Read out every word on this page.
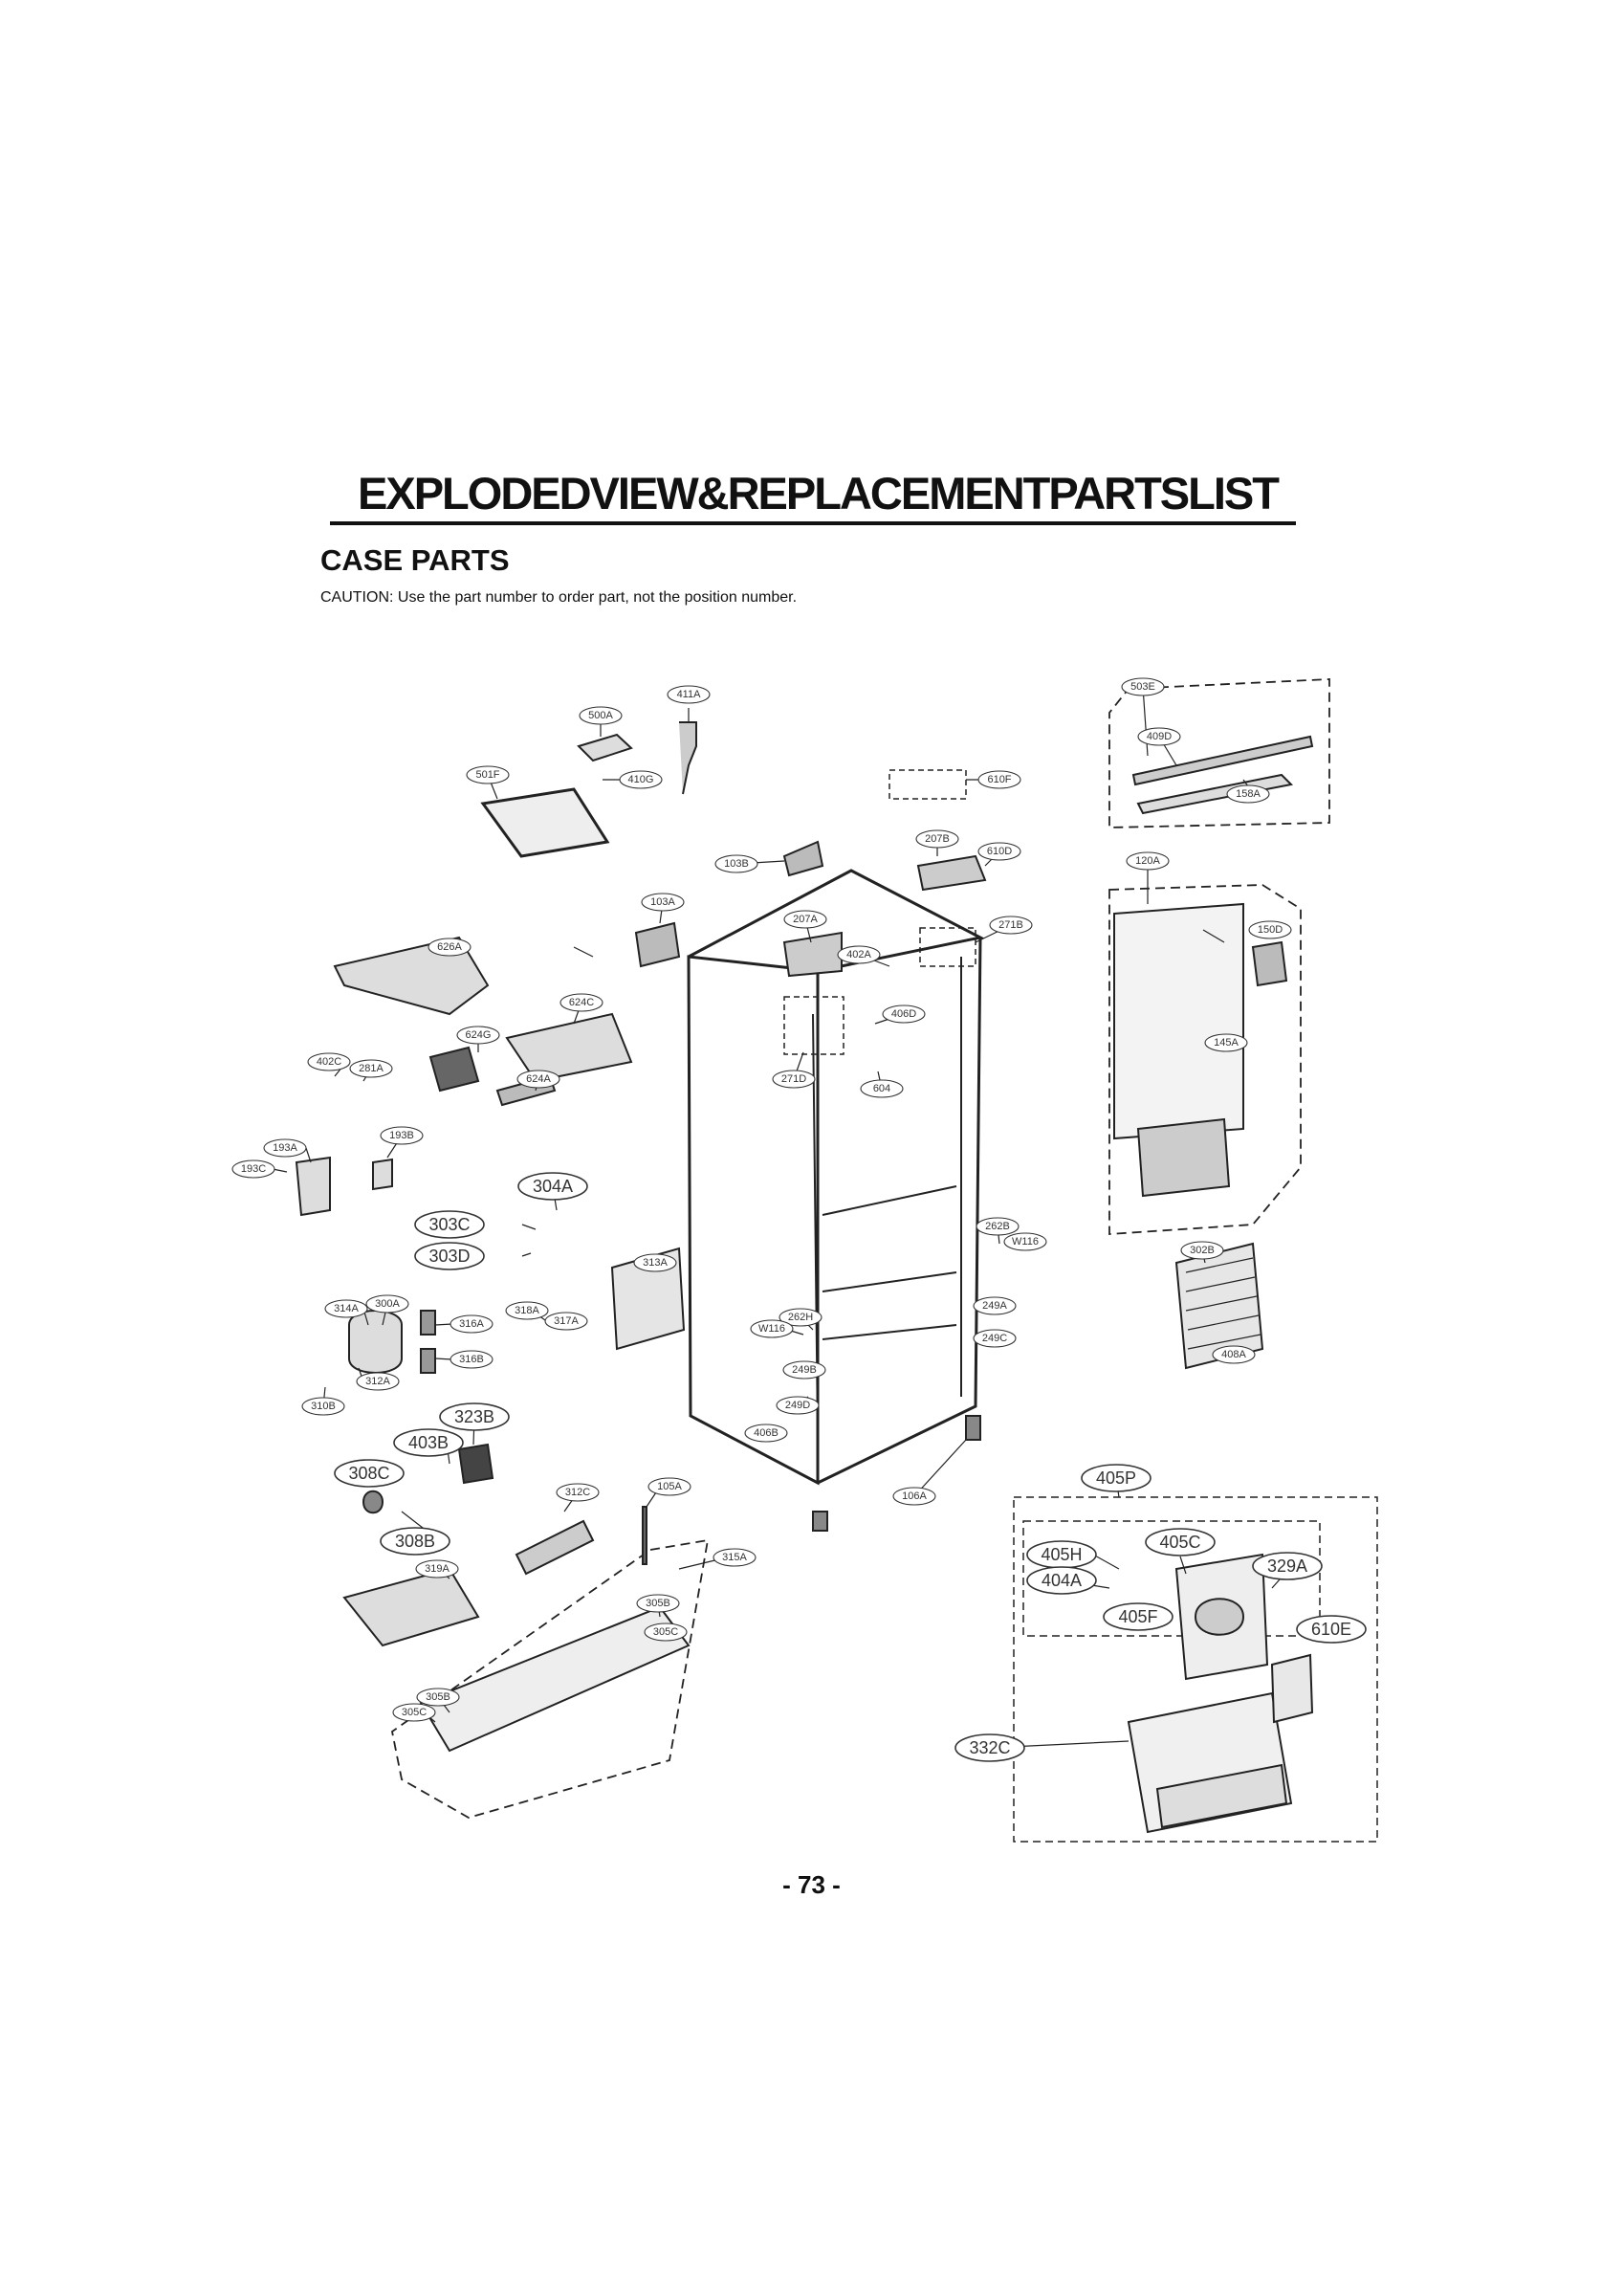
EXPLODEDVIEW&REPLACEMENTPARTSLIST
CASE PARTS
CAUTION: Use the part number to order part, not the position number.
411A
500A
501F	410G
503E
409D
158A
610F
207B
610D
103B	120A
103A
207A	271B	150D
626A
402A
624C
406D
624G
145A
402C
281A
624A	271D
604
193B
193A
193C
304A
303C	262B
W116
303D	302B
313A
314A 300A
318A	249A
316A	317A	262H
W116
249C
316B	408A
312A
249B
310B	249D
323B
406B
403B
308C	405P
312C	105A
106A
308B
405H
405C
315A	329A
319A
404A
305B
405F
610E
305C
305B
305C
332C
- 73 -
